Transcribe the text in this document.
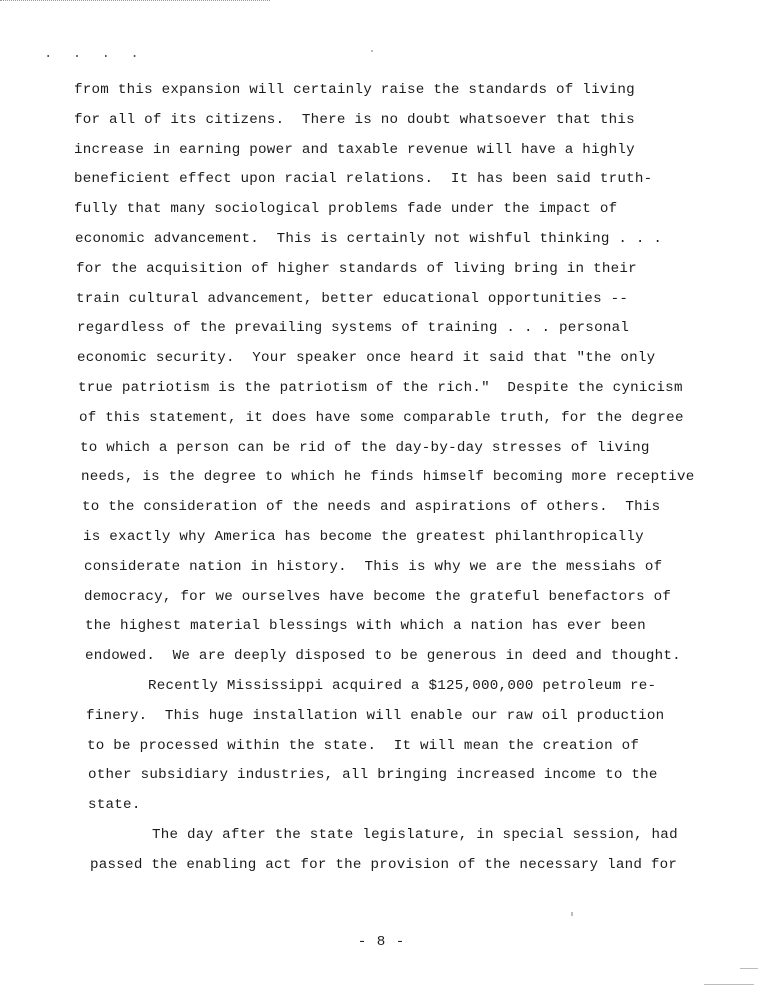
. . . .
from this expansion will certainly raise the standards of living
for all of its citizens.  There is no doubt whatsoever that this
increase in earning power and taxable revenue will have a highly
beneficient effect upon racial relations.  It has been said truth-
fully that many sociological problems fade under the impact of
economic advancement.  This is certainly not wishful thinking . . .
for the acquisition of higher standards of living bring in their
train cultural advancement, better educational opportunities --
regardless of the prevailing systems of training . . . personal
economic security.  Your speaker once heard it said that "the only
true patriotism is the patriotism of the rich."  Despite the cynicism
of this statement, it does have some comparable truth, for the degree
to which a person can be rid of the day-by-day stresses of living
needs, is the degree to which he finds himself becoming more receptive
to the consideration of the needs and aspirations of others.  This
is exactly why America has become the greatest philanthropically
considerate nation in history.  This is why we are the messiahs of
democracy, for we ourselves have become the grateful benefactors of
the highest material blessings with which a nation has ever been
endowed.  We are deeply disposed to be generous in deed and thought.
Recently Mississippi acquired a $125,000,000 petroleum re-
finery.  This huge installation will enable our raw oil production
to be processed within the state.  It will mean the creation of
other subsidiary industries, all bringing increased income to the
state.
The day after the state legislature, in special session, had
passed the enabling act for the provision of the necessary land for
- 8 -
